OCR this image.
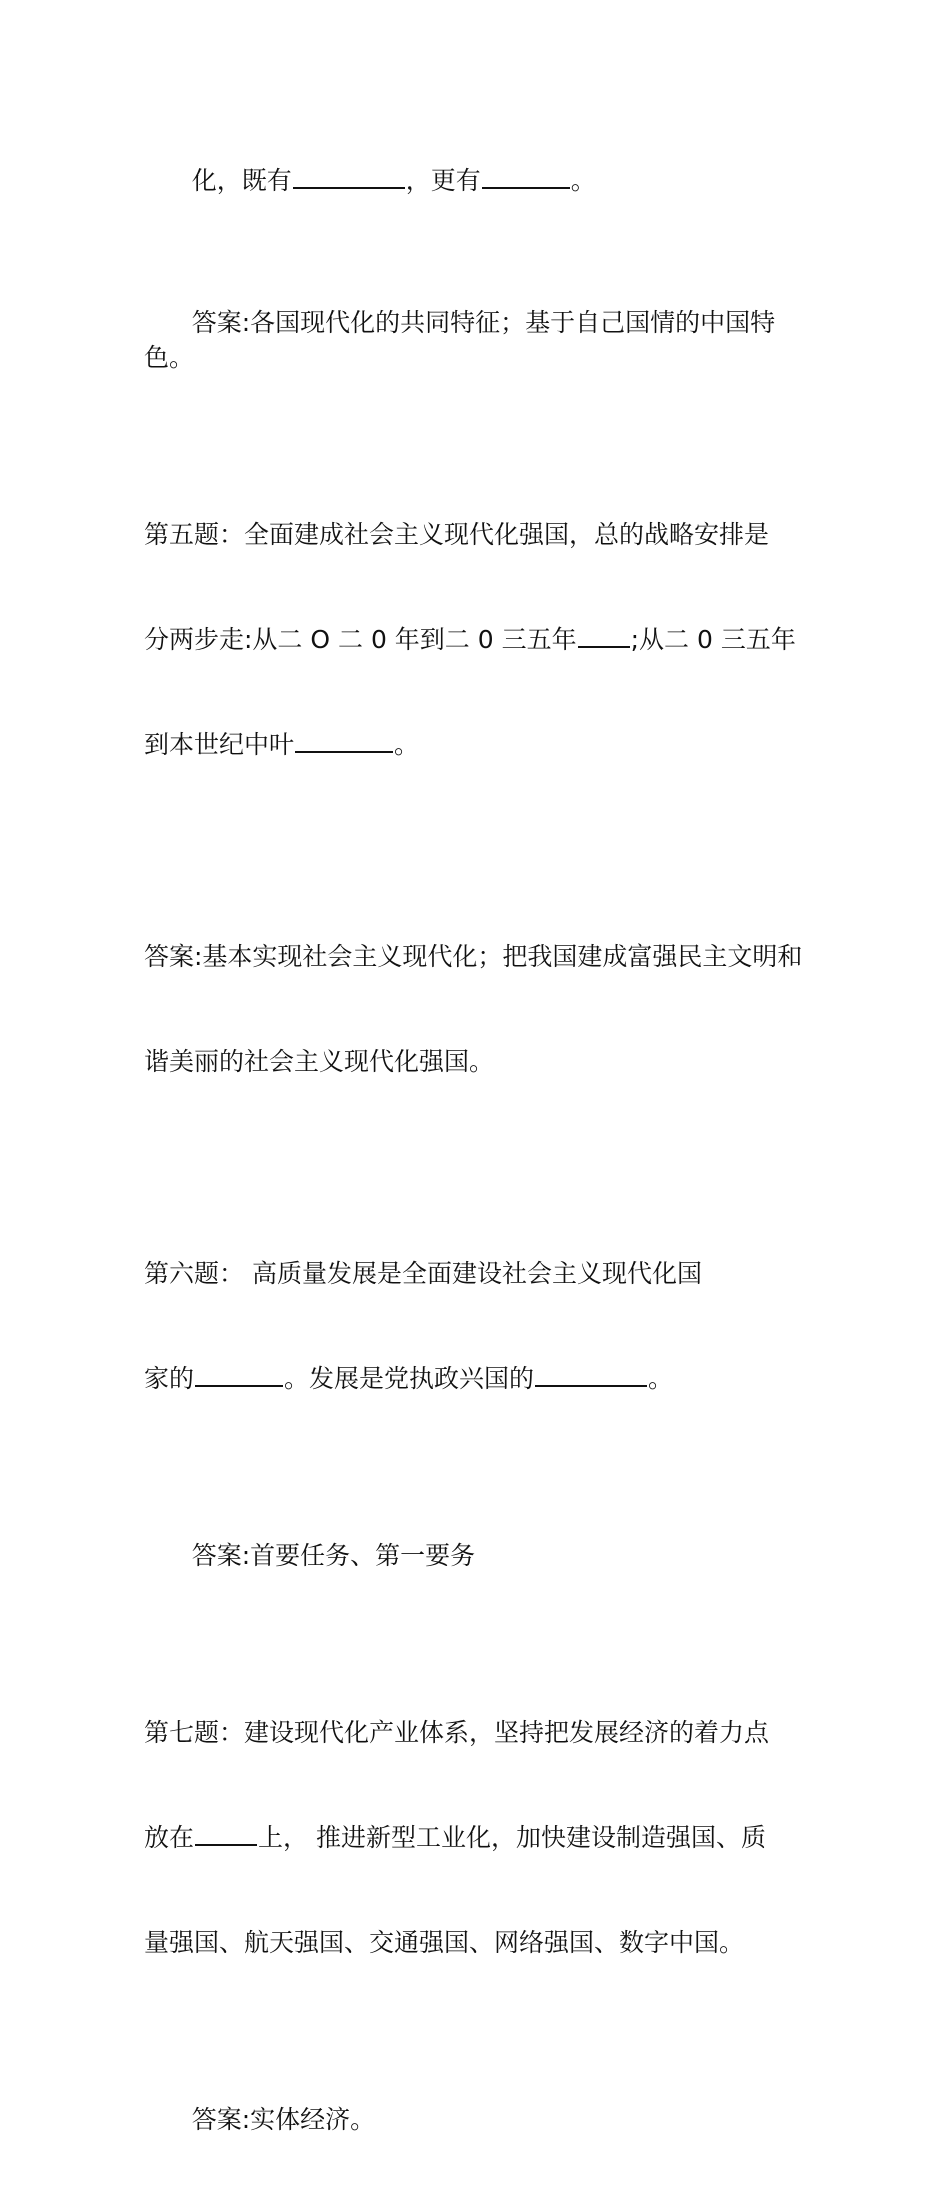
化，既有	，更有	。

答案:各国现代化的共同特征；基于自己国情的中国特色。

第五题：全面建成社会主义现代化强国，总的战略安排是

分两步走:从二 O 二 0 年到二 0 三五年 ;从二 0 三五年

到本世纪中叶	。

答案:基本实现社会主义现代化；把我国建成富强民主文明和

谐美丽的社会主义现代化强国。

第六题： 高质量发展是全面建设社会主义现代化国

家的	。发展是党执政兴国的	。

答案:首要任务、第一要务

第七题：建设现代化产业体系，坚持把发展经济的着力点

放在	上， 推进新型工业化，加快建设制造强国、质

量强国、航天强国、交通强国、网络强国、数字中国。

答案:实体经济。
